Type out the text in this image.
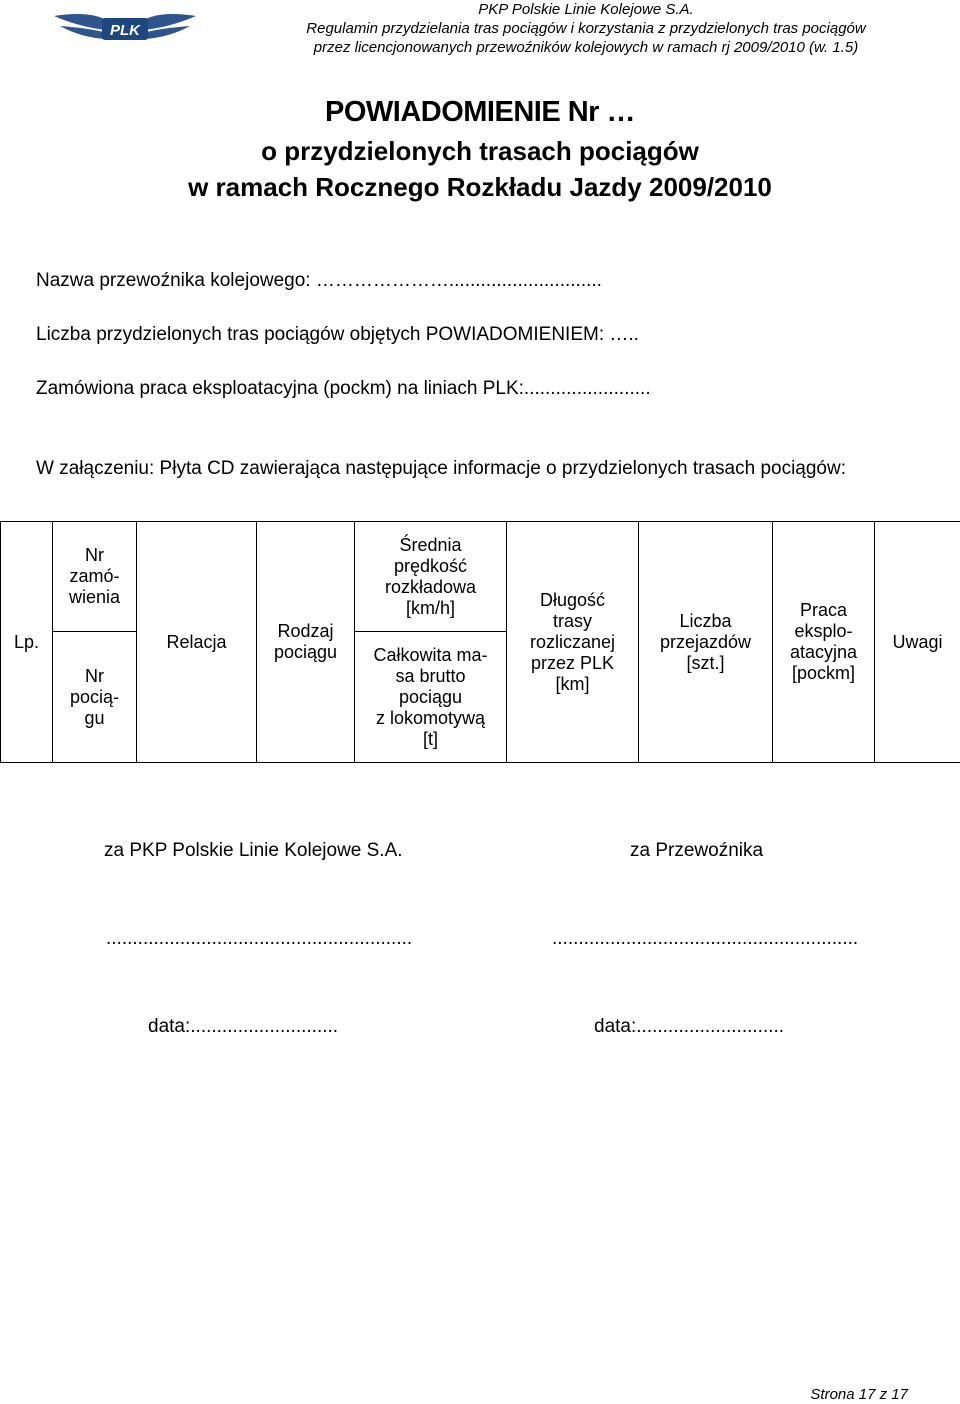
PLK
PKP Polskie Linie Kolejowe S.A.
Regulamin przydzielania tras pociągów i korzystania z przydzielonych tras pociągów
przez licencjonowanych przewoźników kolejowych w ramach rj 2009/2010 (w. 1.5)
POWIADOMIENIE Nr …
o przydzielonych trasach pociągów
w ramach Rocznego Rozkładu Jazdy 2009/2010
Nazwa przewoźnika kolejowego: ………………….............................
Liczba przydzielonych tras pociągów objętych POWIADOMIENIEM: …..
Zamówiona praca eksploatacyjna (pockm) na liniach PLK:........................
W załączeniu: Płyta CD zawierająca następujące informacje o przydzielonych trasach pociągów:
Lp.	Nr
zamó-
wienia	Relacja	Rodzaj
pociągu	Średnia
prędkość
rozkładowa
[km/h]	Długość
trasy
rozliczanej
przez PLK
[km]	Liczba
przejazdów
[szt.]	Praca
eksplo-
atacyjna
[pockm]	Uwagi
	Nr
pocią-
gu			Całkowita ma-
sa brutto
pociągu
z lokomotywą
[t]				
za PKP Polskie Linie Kolejowe S.A.	za Przewoźnika
..........................................................	..........................................................
data:............................	data:............................
Strona 17 z 17
